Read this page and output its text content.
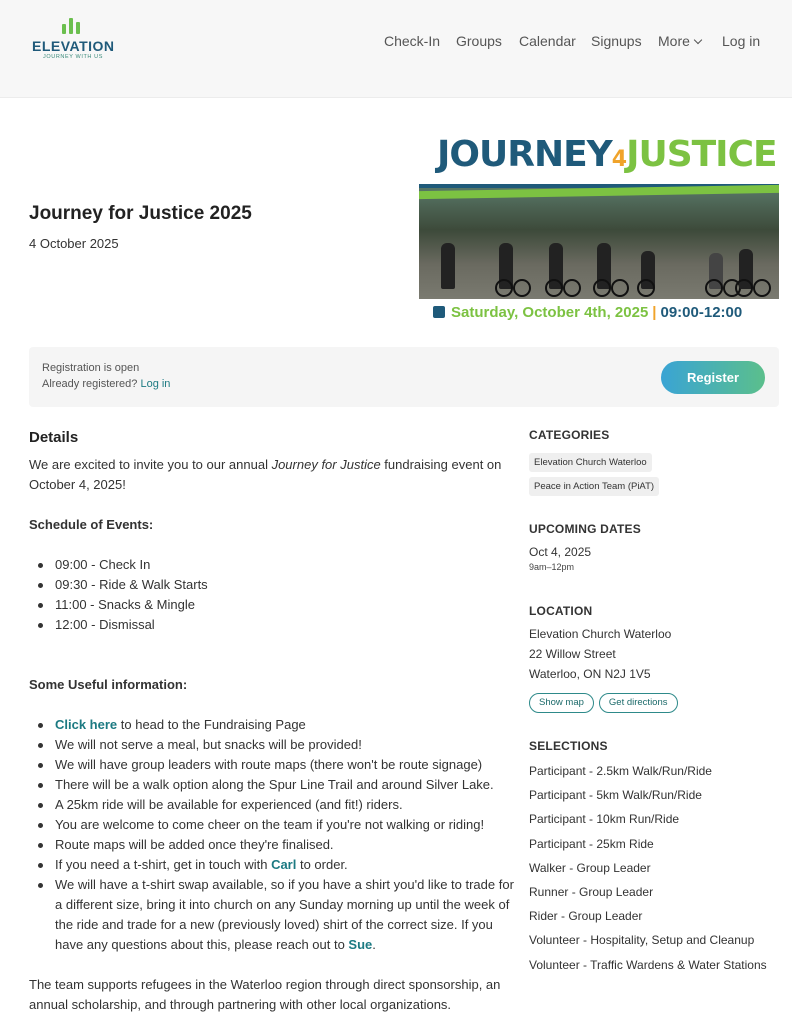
ELEVATION
JOURNEY WITH US
Check-In Groups Calendar Signups More	Log in
Journey for Justice 2025
4 October 2025
JOURNEY4JUSTICE
Saturday, October 4th, 2025 | 09:00-12:00
Registration is open
Already registered? Log in	Register
Details

We are excited to invite you to our annual Journey for Justice fundraising event on October 4, 2025!

Schedule of Events:

09:00 - Check In
09:30 - Ride & Walk Starts
11:00 - Snacks & Mingle
12:00 - Dismissal

Some Useful information:

Click here to head to the Fundraising Page
We will not serve a meal, but snacks will be provided!
We will have group leaders with route maps (there won't be route signage)
There will be a walk option along the Spur Line Trail and around Silver Lake.
A 25km ride will be available for experienced (and fit!) riders.
You are welcome to come cheer on the team if you're not walking or riding!
Route maps will be added once they're finalised.
If you need a t-shirt, get in touch with Carl to order.
We will have a t-shirt swap available, so if you have a shirt you'd like to trade for a different size, bring it into church on any Sunday morning up until the week of the ride and trade for a new (previously loved) shirt of the correct size. If you have any questions about this, please reach out to Sue.

The team supports refugees in the Waterloo region through direct sponsorship, an annual scholarship, and through partnering with other local organizations.

CATEGORIES
Elevation Church Waterloo
Peace in Action Team (PiAT)
UPCOMING DATES
Oct 4, 2025
9am–12pm
LOCATION
Elevation Church Waterloo
22 Willow Street
Waterloo, ON N2J 1V5
Show map	Get directions
SELECTIONS
Participant - 2.5km Walk/Run/Ride
Participant - 5km Walk/Run/Ride
Participant - 10km Run/Ride
Participant - 25km Ride
Walker - Group Leader
Runner - Group Leader
Rider - Group Leader
Volunteer - Hospitality, Setup and Cleanup
Volunteer - Traffic Wardens & Water Stations
